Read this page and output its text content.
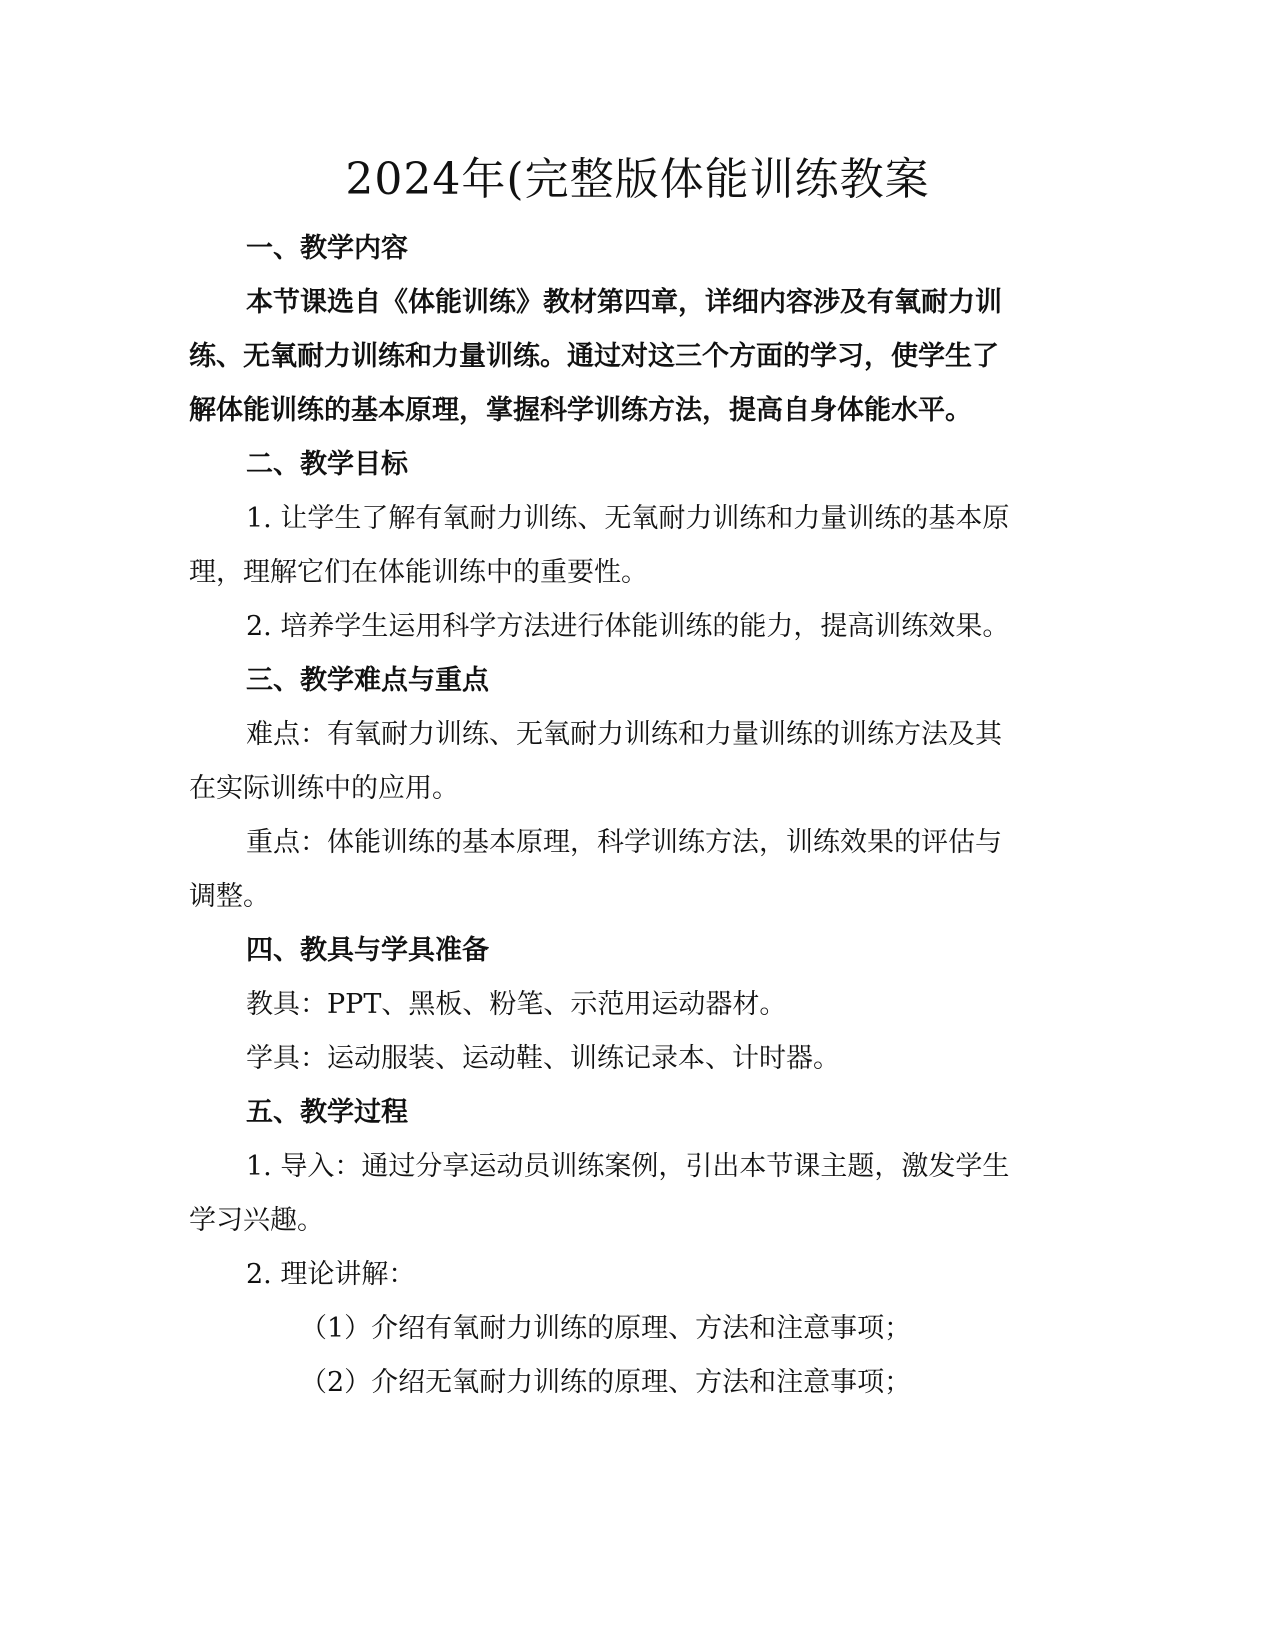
2024年(完整版体能训练教案

一、教学内容

本节课选自《体能训练》教材第四章，详细内容涉及有氧耐力训

练、无氧耐力训练和力量训练。通过对这三个方面的学习，使学生了

解体能训练的基本原理，掌握科学训练方法，提高自身体能水平。

二、教学目标

1. 让学生了解有氧耐力训练、无氧耐力训练和力量训练的基本原

理，理解它们在体能训练中的重要性。

2. 培养学生运用科学方法进行体能训练的能力，提高训练效果。

三、教学难点与重点

难点：有氧耐力训练、无氧耐力训练和力量训练的训练方法及其

在实际训练中的应用。

重点：体能训练的基本原理，科学训练方法，训练效果的评估与

调整。

四、教具与学具准备

教具：PPT、黑板、粉笔、示范用运动器材。

学具：运动服装、运动鞋、训练记录本、计时器。

五、教学过程

1. 导入：通过分享运动员训练案例，引出本节课主题，激发学生

学习兴趣。

2. 理论讲解：

（1）介绍有氧耐力训练的原理、方法和注意事项；

（2）介绍无氧耐力训练的原理、方法和注意事项；
